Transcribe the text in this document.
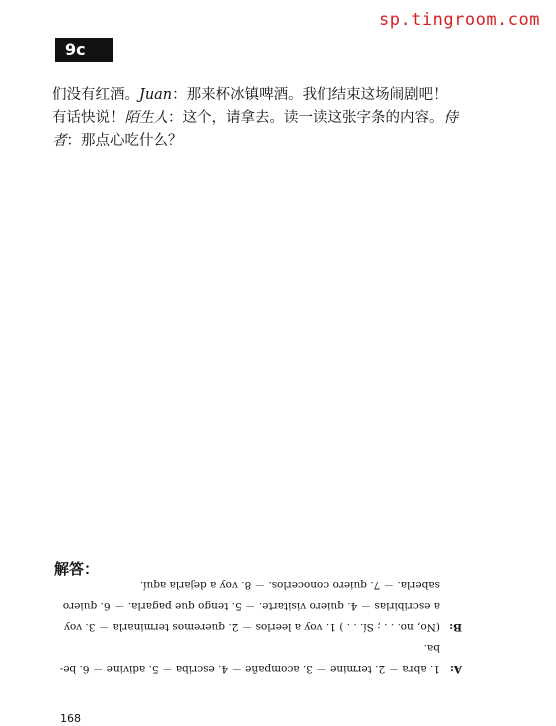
sp.tingroom.com
9c

们没有红酒。Juan：那来杯冰镇啤酒。我们结束这场闹剧吧！

有话快说！陌生人：这个，请拿去。读一读这张字条的内容。侍

者：那点心吃什么？

解答：
A:1. abra － 2. termine － 3. acompañe － 4. escriba － 5. adivine － 6. be-
ba.
B:(No, no. . . ; Sí. . . ) 1. voy a leerlos － 2. queremos terminarla － 3. voy
a escribirlas － 4. quiero visitarte. － 5. tengo que pagarla. － 6. quiero
saberla. － 7. quiero conocerlos. － 8. voy a dejarla aquí.
168
